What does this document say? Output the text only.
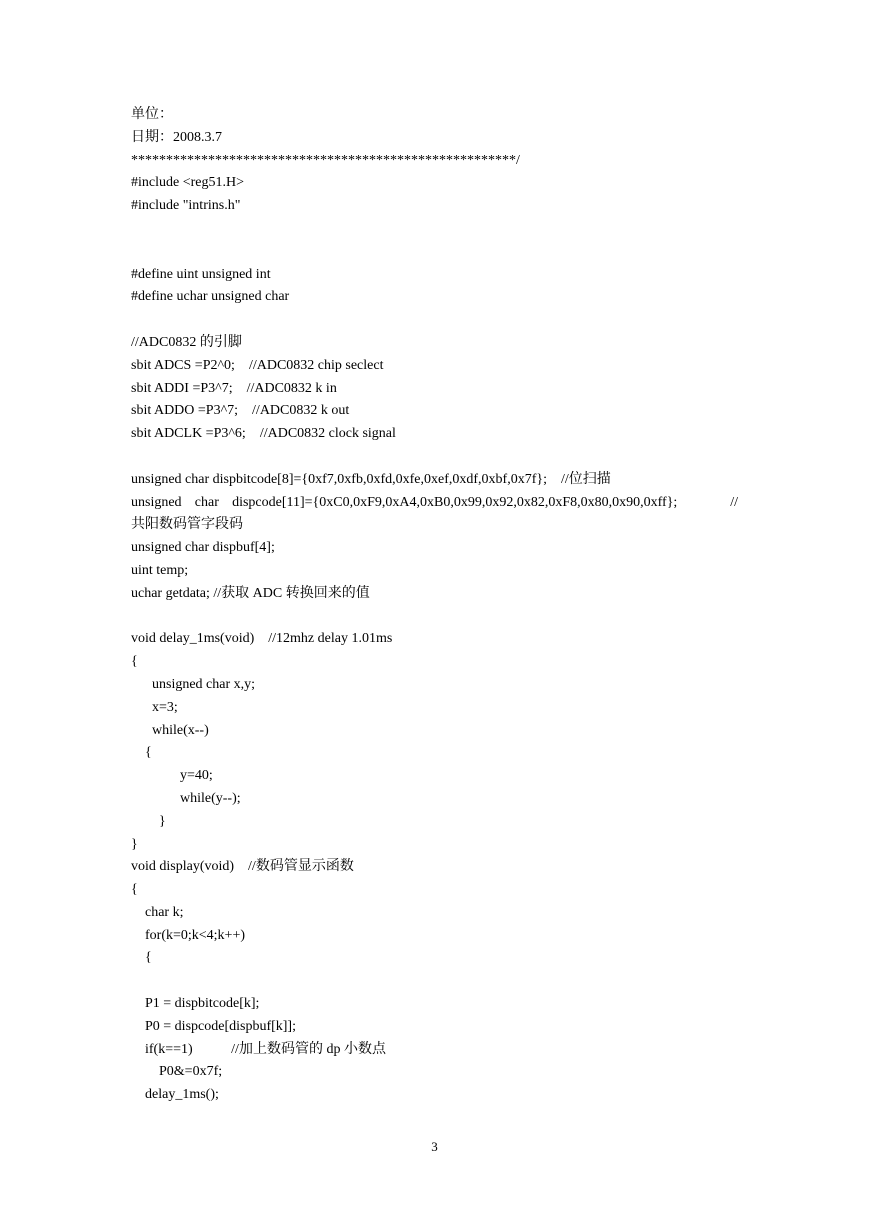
单位：
日期：2008.3.7
*******************************************************/
#include <reg51.H>
#include "intrins.h"
#define uint unsigned int
#define uchar unsigned char
//ADC0832 的引脚
sbit ADCS =P2^0;    //ADC0832 chip seclect
sbit ADDI =P3^7;    //ADC0832 k in
sbit ADDO =P3^7;    //ADC0832 k out
sbit ADCLK =P3^6;    //ADC0832 clock signal
unsigned char dispbitcode[8]={0xf7,0xfb,0xfd,0xfe,0xef,0xdf,0xbf,0x7f};    //位扫描
unsigned char dispcode[11]={0xC0,0xF9,0xA4,0xB0,0x99,0x92,0x82,0xF8,0x80,0x90,0xff};    //
共阳数码管字段码
unsigned char dispbuf[4];
uint temp;
uchar getdata; //获取 ADC 转换回来的值
void delay_1ms(void)    //12mhz delay 1.01ms
{
unsigned char x,y;
x=3;
while(x--)
{
y=40;
while(y--);
}
}
void display(void)    //数码管显示函数
{
char k;
for(k=0;k<4;k++)
{
P1 = dispbitcode[k];
P0 = dispcode[dispbuf[k]];
if(k==1)           //加上数码管的 dp 小数点
P0&=0x7f;
delay_1ms();
3
